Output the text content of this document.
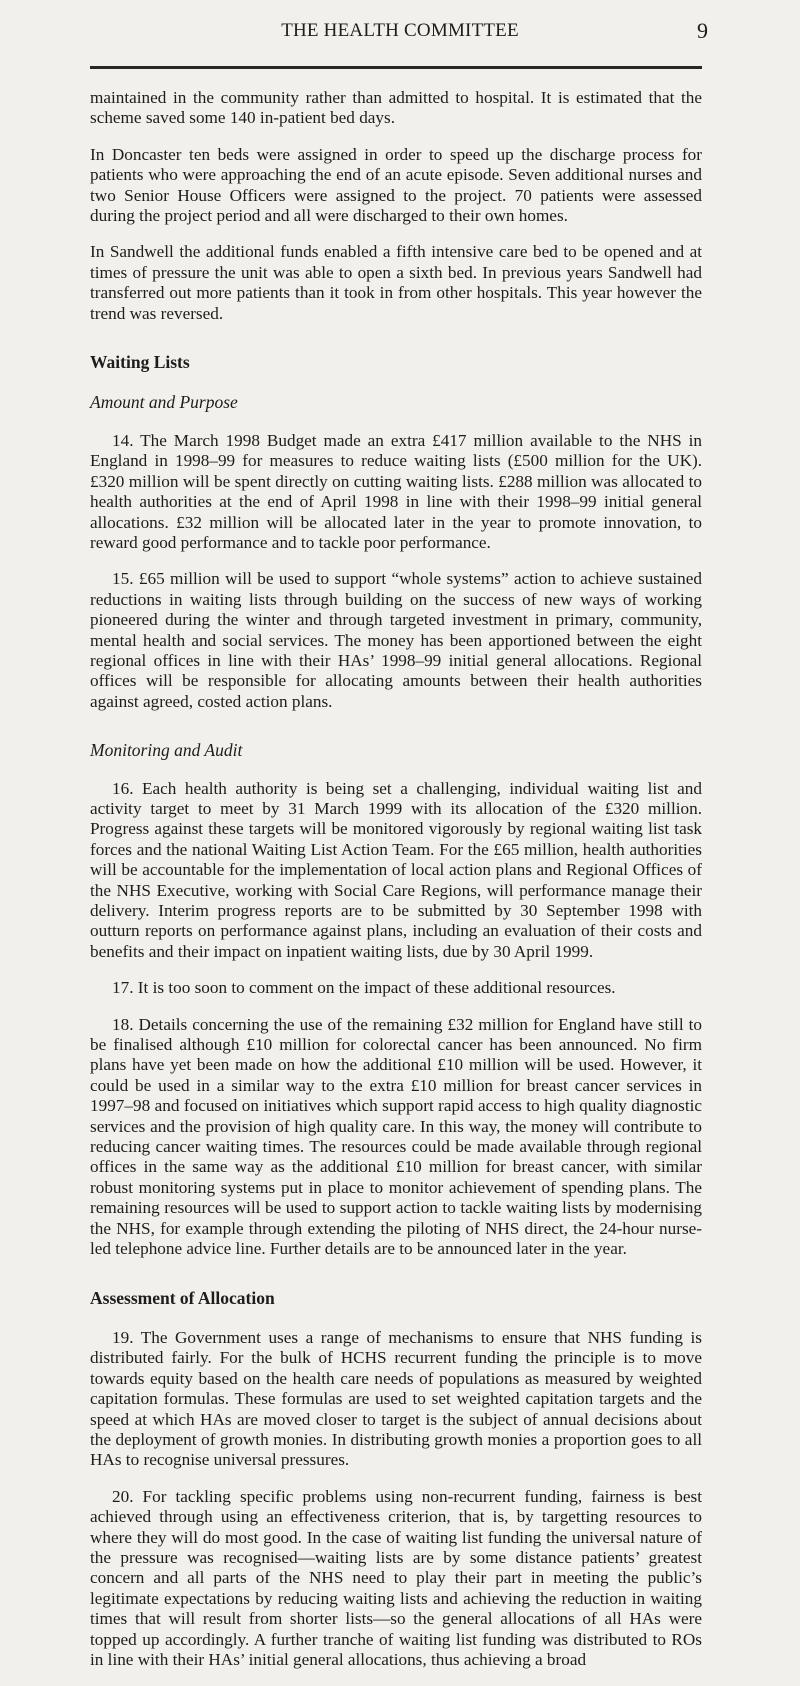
THE HEALTH COMMITTEE	9

maintained in the community rather than admitted to hospital. It is estimated that the scheme saved some 140 in-patient bed days.

In Doncaster ten beds were assigned in order to speed up the discharge process for patients who were approaching the end of an acute episode. Seven additional nurses and two Senior House Officers were assigned to the project. 70 patients were assessed during the project period and all were discharged to their own homes.

In Sandwell the additional funds enabled a fifth intensive care bed to be opened and at times of pressure the unit was able to open a sixth bed. In previous years Sandwell had transferred out more patients than it took in from other hospitals. This year however the trend was reversed.

Waiting Lists
Amount and Purpose

14. The March 1998 Budget made an extra £417 million available to the NHS in England in 1998–99 for measures to reduce waiting lists (£500 million for the UK). £320 million will be spent directly on cutting waiting lists. £288 million was allocated to health authorities at the end of April 1998 in line with their 1998–99 initial general allocations. £32 million will be allocated later in the year to promote innovation, to reward good performance and to tackle poor performance.

15. £65 million will be used to support “whole systems” action to achieve sustained reductions in waiting lists through building on the success of new ways of working pioneered during the winter and through targeted investment in primary, community, mental health and social services. The money has been apportioned between the eight regional offices in line with their HAs’ 1998–99 initial general allocations. Regional offices will be responsible for allocating amounts between their health authorities against agreed, costed action plans.

Monitoring and Audit

16. Each health authority is being set a challenging, individual waiting list and activity target to meet by 31 March 1999 with its allocation of the £320 million. Progress against these targets will be monitored vigorously by regional waiting list task forces and the national Waiting List Action Team. For the £65 million, health authorities will be accountable for the implementation of local action plans and Regional Offices of the NHS Executive, working with Social Care Regions, will performance manage their delivery. Interim progress reports are to be submitted by 30 September 1998 with outturn reports on performance against plans, including an evaluation of their costs and benefits and their impact on inpatient waiting lists, due by 30 April 1999.

17. It is too soon to comment on the impact of these additional resources.

18. Details concerning the use of the remaining £32 million for England have still to be finalised although £10 million for colorectal cancer has been announced. No firm plans have yet been made on how the additional £10 million will be used. However, it could be used in a similar way to the extra £10 million for breast cancer services in 1997–98 and focused on initiatives which support rapid access to high quality diagnostic services and the provision of high quality care. In this way, the money will contribute to reducing cancer waiting times. The resources could be made available through regional offices in the same way as the additional £10 million for breast cancer, with similar robust monitoring systems put in place to monitor achievement of spending plans. The remaining resources will be used to support action to tackle waiting lists by modernising the NHS, for example through extending the piloting of NHS direct, the 24-hour nurse-led telephone advice line. Further details are to be announced later in the year.

Assessment of Allocation

19. The Government uses a range of mechanisms to ensure that NHS funding is distributed fairly. For the bulk of HCHS recurrent funding the principle is to move towards equity based on the health care needs of populations as measured by weighted capitation formulas. These formulas are used to set weighted capitation targets and the speed at which HAs are moved closer to target is the subject of annual decisions about the deployment of growth monies. In distributing growth monies a proportion goes to all HAs to recognise universal pressures.

20. For tackling specific problems using non-recurrent funding, fairness is best achieved through using an effectiveness criterion, that is, by targetting resources to where they will do most good. In the case of waiting list funding the universal nature of the pressure was recognised—waiting lists are by some distance patients’ greatest concern and all parts of the NHS need to play their part in meeting the public’s legitimate expectations by reducing waiting lists and achieving the reduction in waiting times that will result from shorter lists—so the general allocations of all HAs were topped up accordingly. A further tranche of waiting list funding was distributed to ROs in line with their HAs’ initial general allocations, thus achieving a broad
